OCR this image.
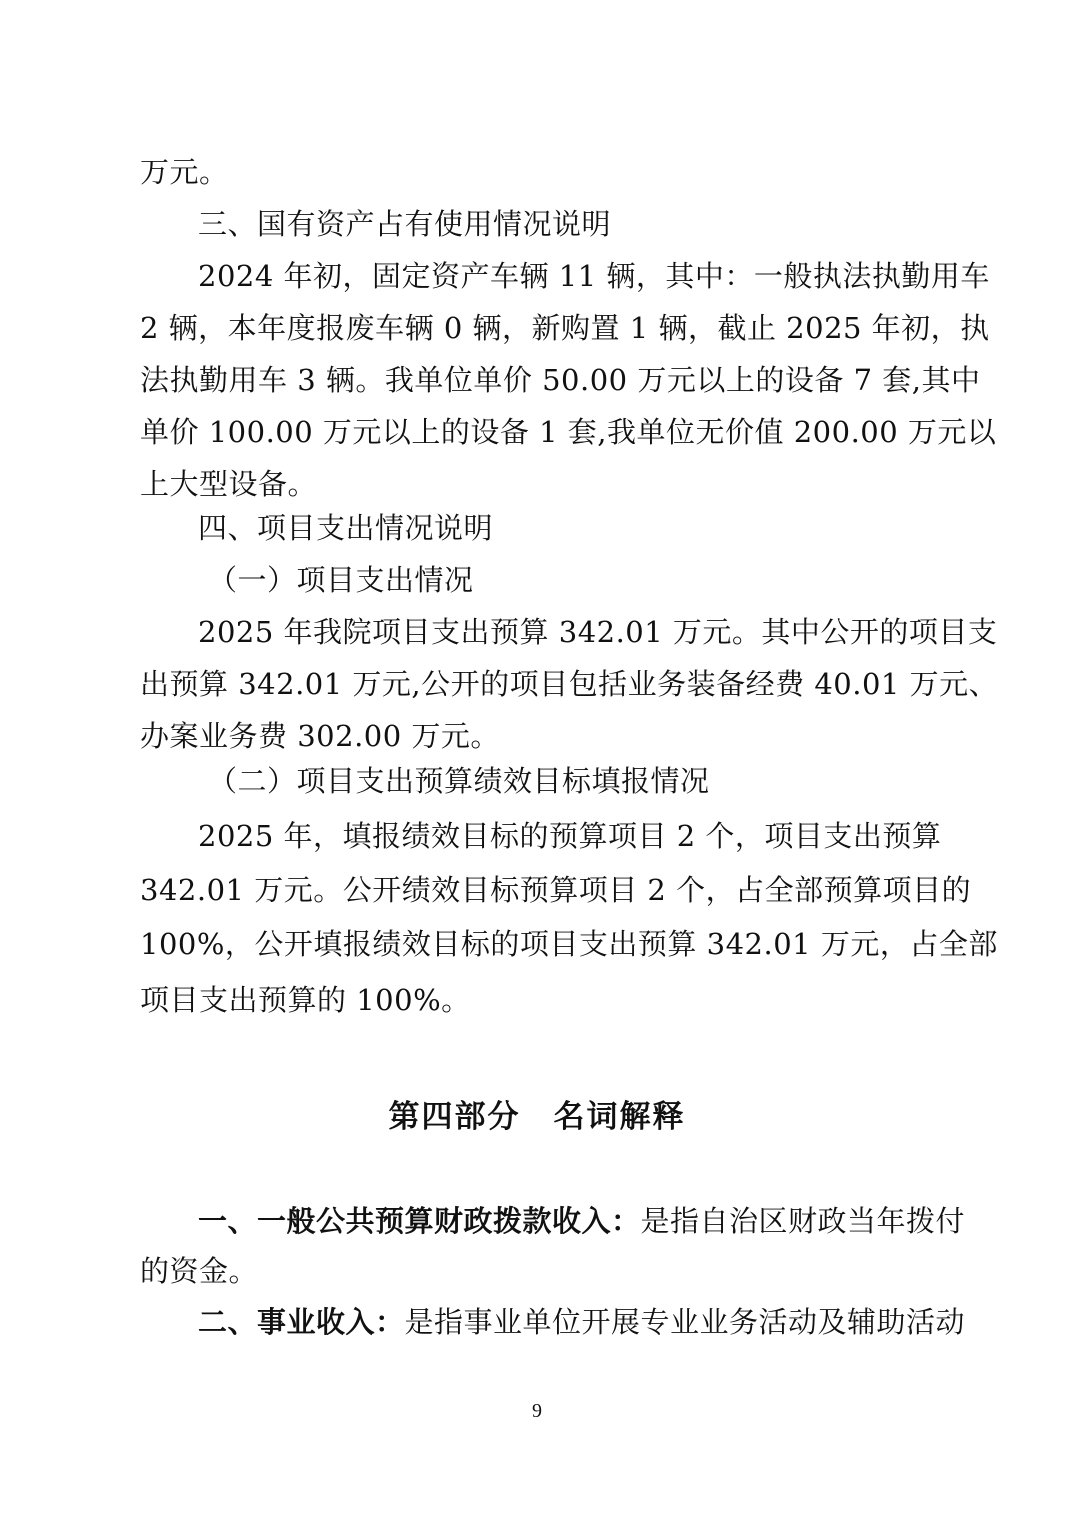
万元。
三、国有资产占有使用情况说明
2024 年初，固定资产车辆 11 辆，其中：一般执法执勤用车
2 辆，本年度报废车辆 0 辆，新购置 1 辆，截止 2025 年初，执
法执勤用车 3 辆。我单位单价 50.00 万元以上的设备 7 套,其中
单价 100.00 万元以上的设备 1 套,我单位无价值 200.00 万元以
上大型设备。
四、项目支出情况说明
（一）项目支出情况
2025 年我院项目支出预算 342.01 万元。其中公开的项目支
出预算 342.01 万元,公开的项目包括业务装备经费 40.01 万元、
办案业务费 302.00 万元。
（二）项目支出预算绩效目标填报情况
2025 年，填报绩效目标的预算项目 2 个，项目支出预算
342.01 万元。公开绩效目标预算项目 2 个，占全部预算项目的
100%，公开填报绩效目标的项目支出预算 342.01 万元，占全部
项目支出预算的 100%。
第四部分　名词解释
一、一般公共预算财政拨款收入：是指自治区财政当年拨付
的资金。
二、事业收入：是指事业单位开展专业业务活动及辅助活动
9
